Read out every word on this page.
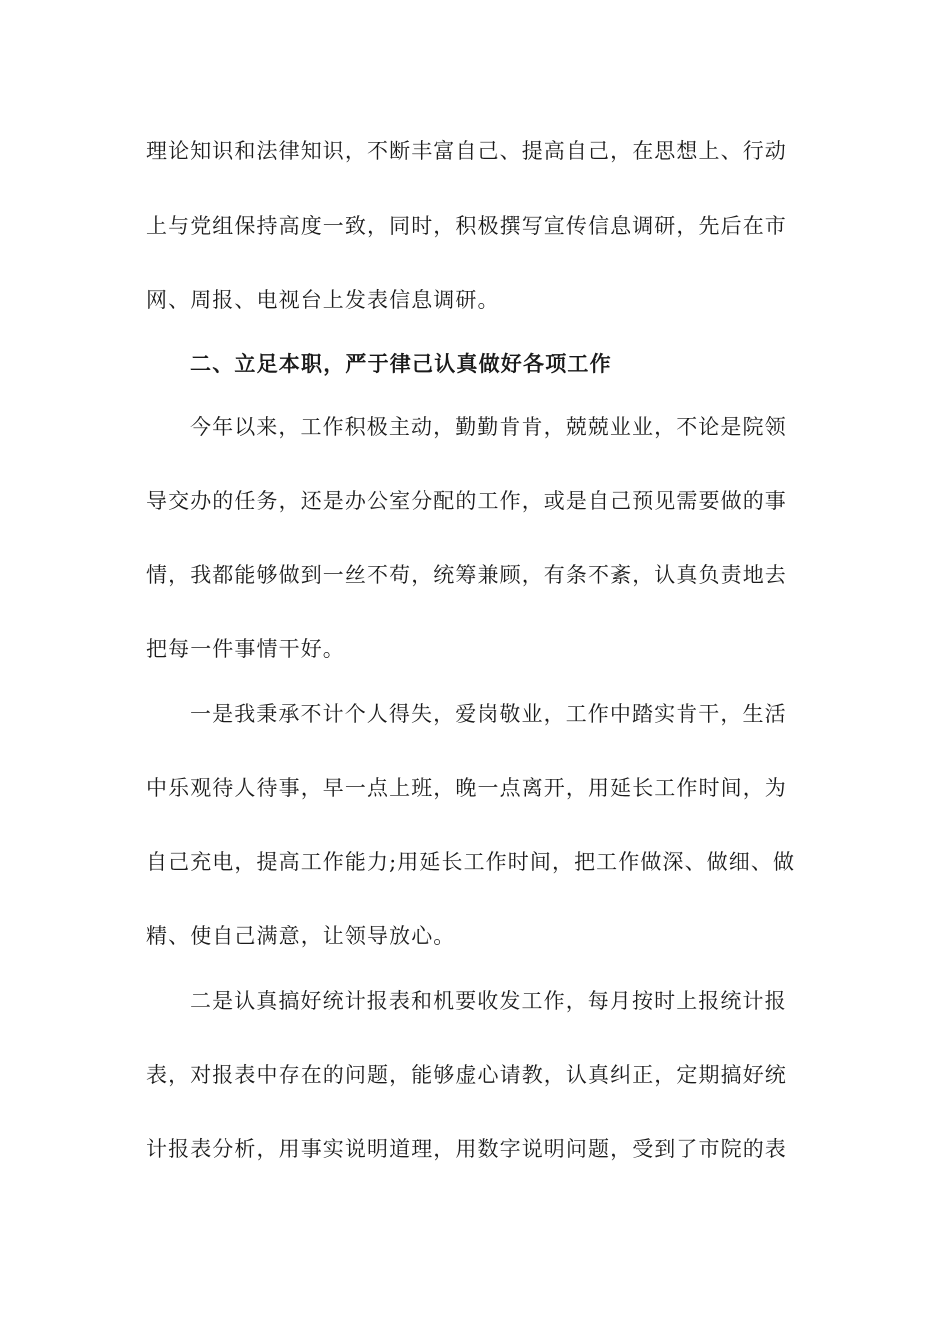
理论知识和法律知识，不断丰富自己、提高自己，在思想上、行动
上与党组保持高度一致，同时，积极撰写宣传信息调研，先后在市
网、周报、电视台上发表信息调研。
二、立足本职，严于律己认真做好各项工作
今年以来，工作积极主动，勤勤肯肯，兢兢业业，不论是院领
导交办的任务，还是办公室分配的工作，或是自己预见需要做的事
情，我都能够做到一丝不苟，统筹兼顾，有条不紊，认真负责地去
把每一件事情干好。
一是我秉承不计个人得失，爱岗敬业，工作中踏实肯干，生活
中乐观待人待事，早一点上班，晚一点离开，用延长工作时间，为
自己充电，提高工作能力;用延长工作时间，把工作做深、做细、做
精、使自己满意，让领导放心。
二是认真搞好统计报表和机要收发工作，每月按时上报统计报
表，对报表中存在的问题，能够虚心请教，认真纠正，定期搞好统
计报表分析，用事实说明道理，用数字说明问题，受到了市院的表
